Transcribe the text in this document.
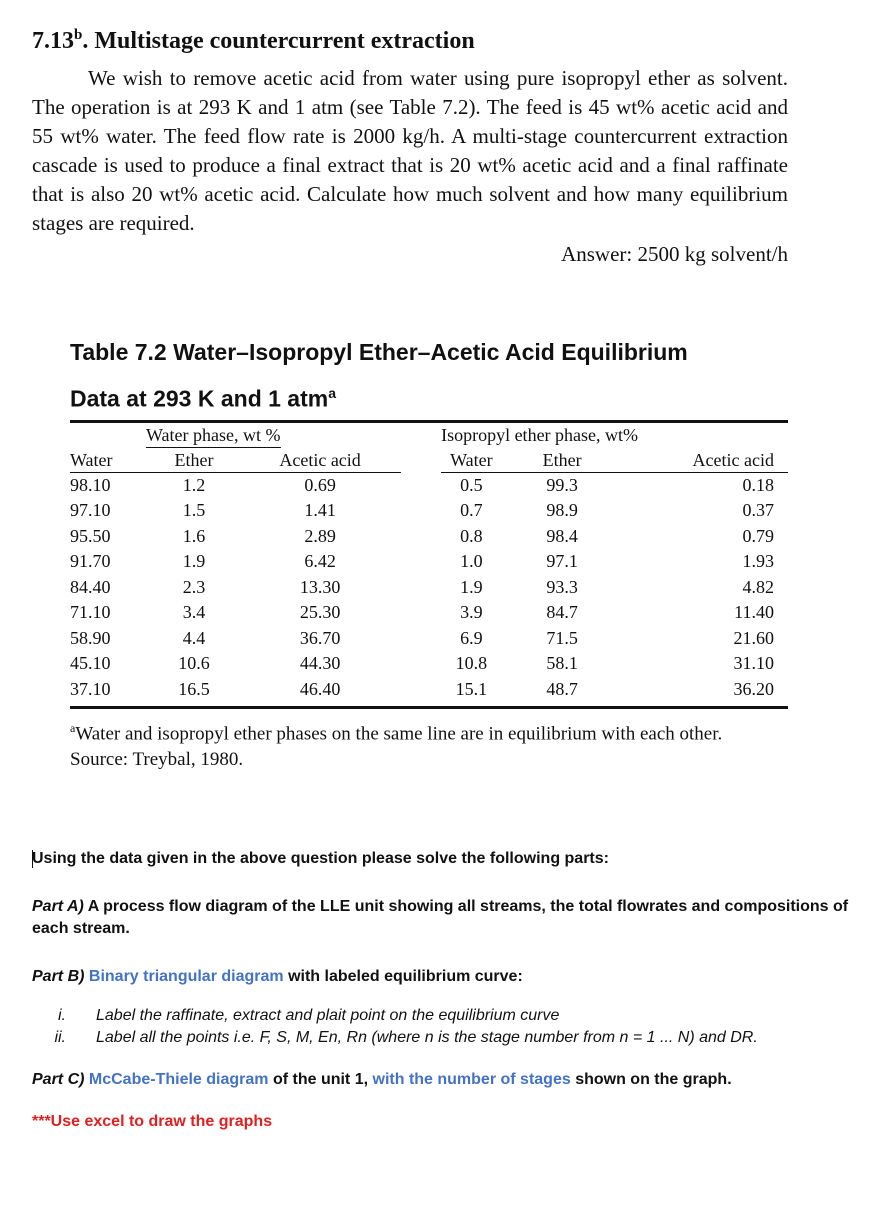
7.13$^b$. Multistage countercurrent extraction

We wish to remove acetic acid from water using pure isopropyl ether as solvent. The operation is at 293 K and 1 atm (see Table 7.2). The feed is 45 wt% acetic acid and 55 wt% water. The feed flow rate is 2000 kg/h. A multi-stage countercurrent extraction cascade is used to produce a final extract that is 20 wt% acetic acid and a final raffinate that is also 20 wt% acetic acid. Calculate how much solvent and how many equilibrium stages are required.

Answer: 2500 kg solvent/h
Table 7.2 Water–Isopropyl Ether–Acetic Acid Equilibrium
Data at 293 K and 1 atm$^a$
Water phase, wt %				Isopropyl ether phase, wt%		
Water	Ether	Acetic acid		Water	Ether	Acetic acid
98.10	1.2	0.69		0.5	99.3	0.18
97.10	1.5	1.41		0.7	98.9	0.37
95.50	1.6	2.89		0.8	98.4	0.79
91.70	1.9	6.42		1.0	97.1	1.93
84.40	2.3	13.30		1.9	93.3	4.82
71.10	3.4	25.30		3.9	84.7	11.40
58.90	4.4	36.70		6.9	71.5	21.60
45.10	10.6	44.30		10.8	58.1	31.10
37.10	16.5	46.40		15.1	48.7	36.20
$^a$Water and isopropyl ether phases on the same line are in equilibrium with each other.
Source: Treybal, 1980.

Using the data given in the above question please solve the following parts:

Part A) A process flow diagram of the LLE unit showing all streams, the total flowrates and compositions of each stream.

Part B) Binary triangular diagram with labeled equilibrium curve:

i.	Label the raffinate, extract and plait point on the equilibrium curve
ii.	Label all the points i.e. F, S, M, En, Rn (where n is the stage number from n = 1 ... N) and DR.

Part C) McCabe-Thiele diagram of the unit 1, with the number of stages shown on the graph.

***Use excel to draw the graphs
